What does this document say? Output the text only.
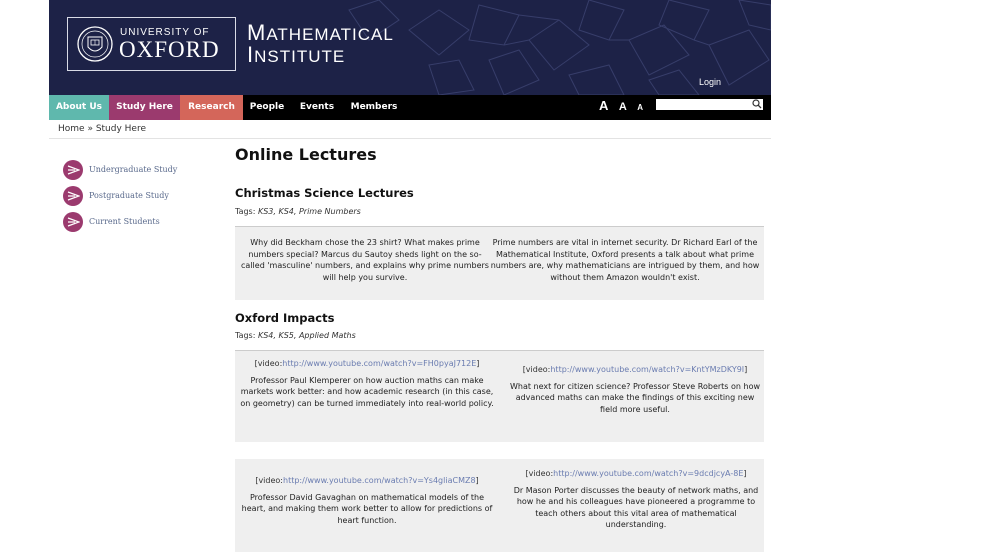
UNIVERSITY OF
OXFORD
MATHEMATICAL
INSTITUTE
Login
About Us	Study Here	Research	People	Events	Members	A A A
Home » Study Here
Undergraduate Study
Postgraduate Study
Current Students
Online Lectures
Christmas Science Lectures
Tags: KS3, KS4, Prime Numbers
Why did Beckham chose the 23 shirt? What makes prime numbers special? Marcus du Sautoy sheds light on the so-called 'masculine' numbers, and explains why prime numbers will help you survive.
Prime numbers are vital in internet security. Dr Richard Earl of the Mathematical Institute, Oxford presents a talk about what prime numbers are, why mathematicians are intrigued by them, and how without them Amazon wouldn't exist.
Oxford Impacts
Tags: KS4, KS5, Applied Maths
[video:http://www.youtube.com/watch?v=FH0pyaJ712E]
Professor Paul Klemperer on how auction maths can make markets work better: and how academic research (in this case, on geometry) can be turned immediately into real-world policy.
[video:http://www.youtube.com/watch?v=KntYMzDKY9I]
What next for citizen science? Professor Steve Roberts on how advanced maths can make the findings of this exciting new field more useful.
[video:http://www.youtube.com/watch?v=Ys4gliaCMZ8]
Professor David Gavaghan on mathematical models of the heart, and making them work better to allow for predictions of heart function.
[video:http://www.youtube.com/watch?v=9dcdjcyA-8E]
Dr Mason Porter discusses the beauty of network maths, and how he and his colleagues have pioneered a programme to teach others about this vital area of mathematical understanding.
